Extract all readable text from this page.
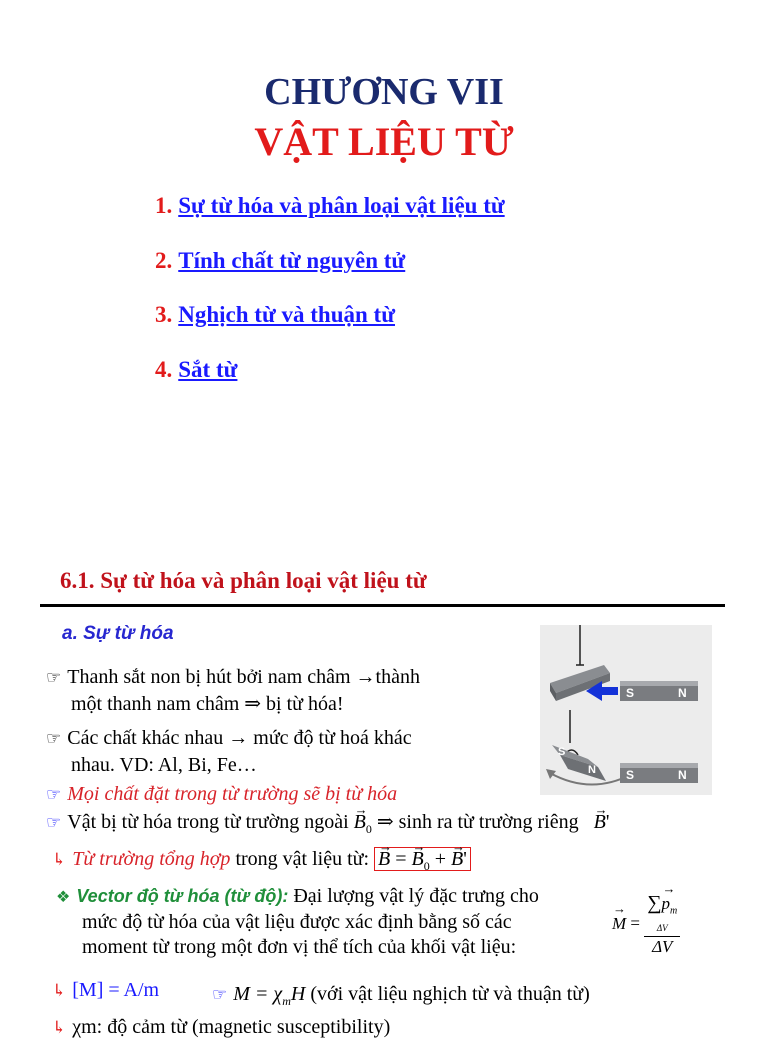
CHƯƠNG VII
VẬT LIỆU TỪ
1. Sự từ hóa và phân loại vật liệu từ
2. Tính chất từ nguyên tử
3. Nghịch từ và thuận từ
4. Sắt từ
6.1. Sự từ hóa và phân loại vật liệu từ
a. Sự từ hóa
☞ Thanh sắt non bị hút bởi nam châm →thành
một thanh nam châm ⇒ bị từ hóa!
☞ Các chất khác nhau → mức độ từ hoá khác
nhau. VD: Al, Bi, Fe…
☞ Mọi chất đặt trong từ trường sẽ bị từ hóa
☞ Vật bị từ hóa trong từ trường ngoài → $B_0$ ⇒ sinh ra từ trường riêng → B'
↳ Từ trường tổng hợp trong vật liệu từ: → B = → $B_0$ + → B'
❖ Vector độ từ hóa (từ độ): Đại lượng vật lý đặc trưng cho
mức độ từ hóa của vật liệu được xác định bằng số các
moment từ trong một đơn vị thể tích của khối vật liệu:
→ M =
∑→ $p_m$
ΔV
ΔV
↳ [M] = A/m	☞ $M = \chi_mH$ (với vật liệu nghịch từ và thuận từ)
↳ χm: độ cảm từ (magnetic susceptibility)
S	N
S
N	S	N
